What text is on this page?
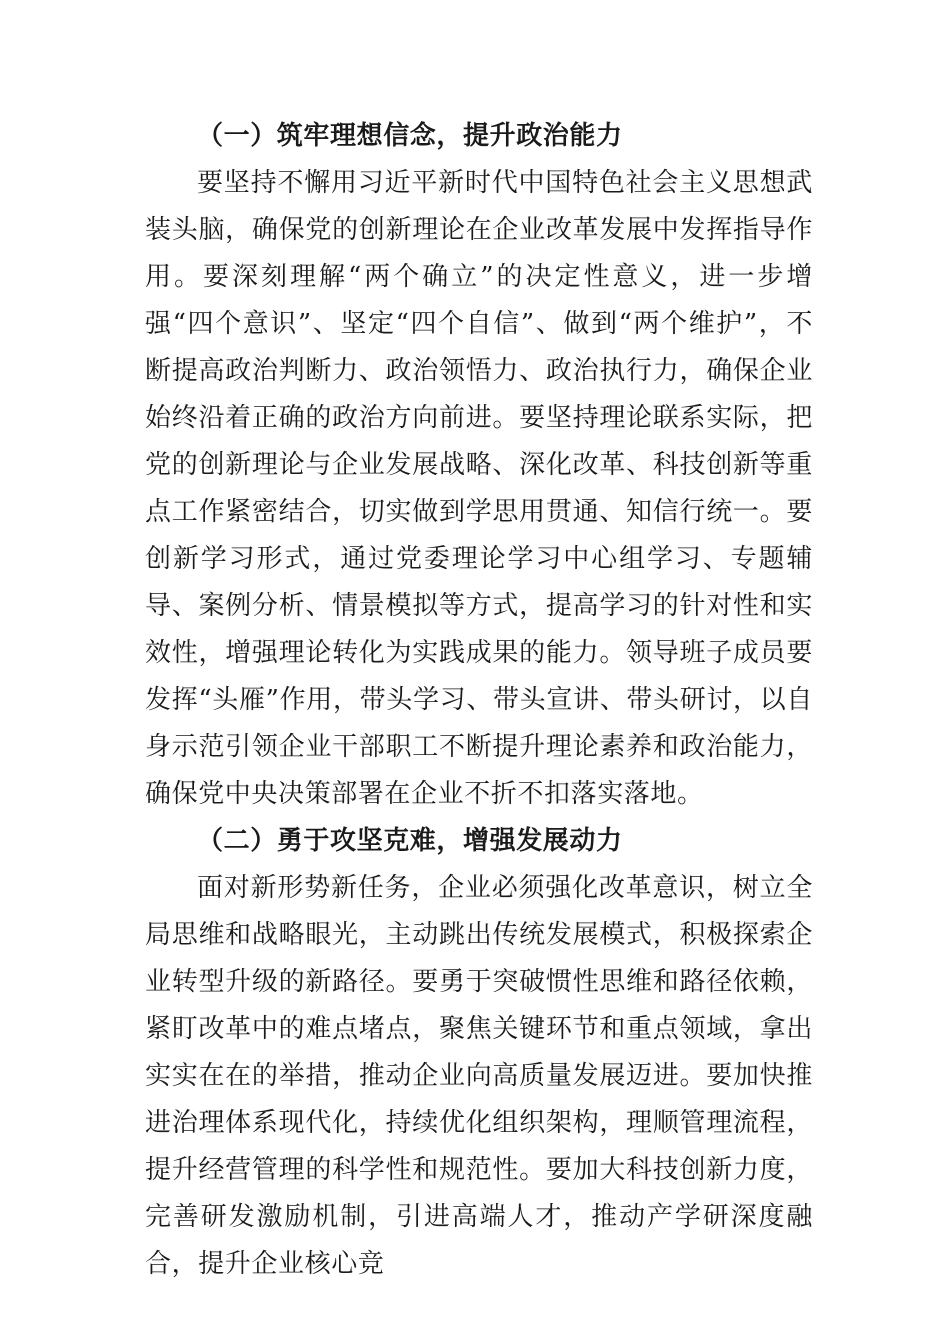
（一）筑牢理想信念，提升政治能力

要坚持不懈用习近平新时代中国特色社会主义思想武装头脑，确保党的创新理论在企业改革发展中发挥指导作用。要深刻理解“两个确立”的决定性意义，进一步增强“四个意识”、坚定“四个自信”、做到“两个维护”，不断提高政治判断力、政治领悟力、政治执行力，确保企业始终沿着正确的政治方向前进。要坚持理论联系实际，把党的创新理论与企业发展战略、深化改革、科技创新等重点工作紧密结合，切实做到学思用贯通、知信行统一。要创新学习形式，通过党委理论学习中心组学习、专题辅导、案例分析、情景模拟等方式，提高学习的针对性和实效性，增强理论转化为实践成果的能力。领导班子成员要发挥“头雁”作用，带头学习、带头宣讲、带头研讨，以自身示范引领企业干部职工不断提升理论素养和政治能力，确保党中央决策部署在企业不折不扣落实落地。

（二）勇于攻坚克难，增强发展动力

面对新形势新任务，企业必须强化改革意识，树立全局思维和战略眼光，主动跳出传统发展模式，积极探索企业转型升级的新路径。要勇于突破惯性思维和路径依赖，紧盯改革中的难点堵点，聚焦关键环节和重点领域，拿出实实在在的举措，推动企业向高质量发展迈进。要加快推进治理体系现代化，持续优化组织架构，理顺管理流程，提升经营管理的科学性和规范性。要加大科技创新力度，完善研发激励机制，引进高端人才，推动产学研深度融合，提升企业核心竞
